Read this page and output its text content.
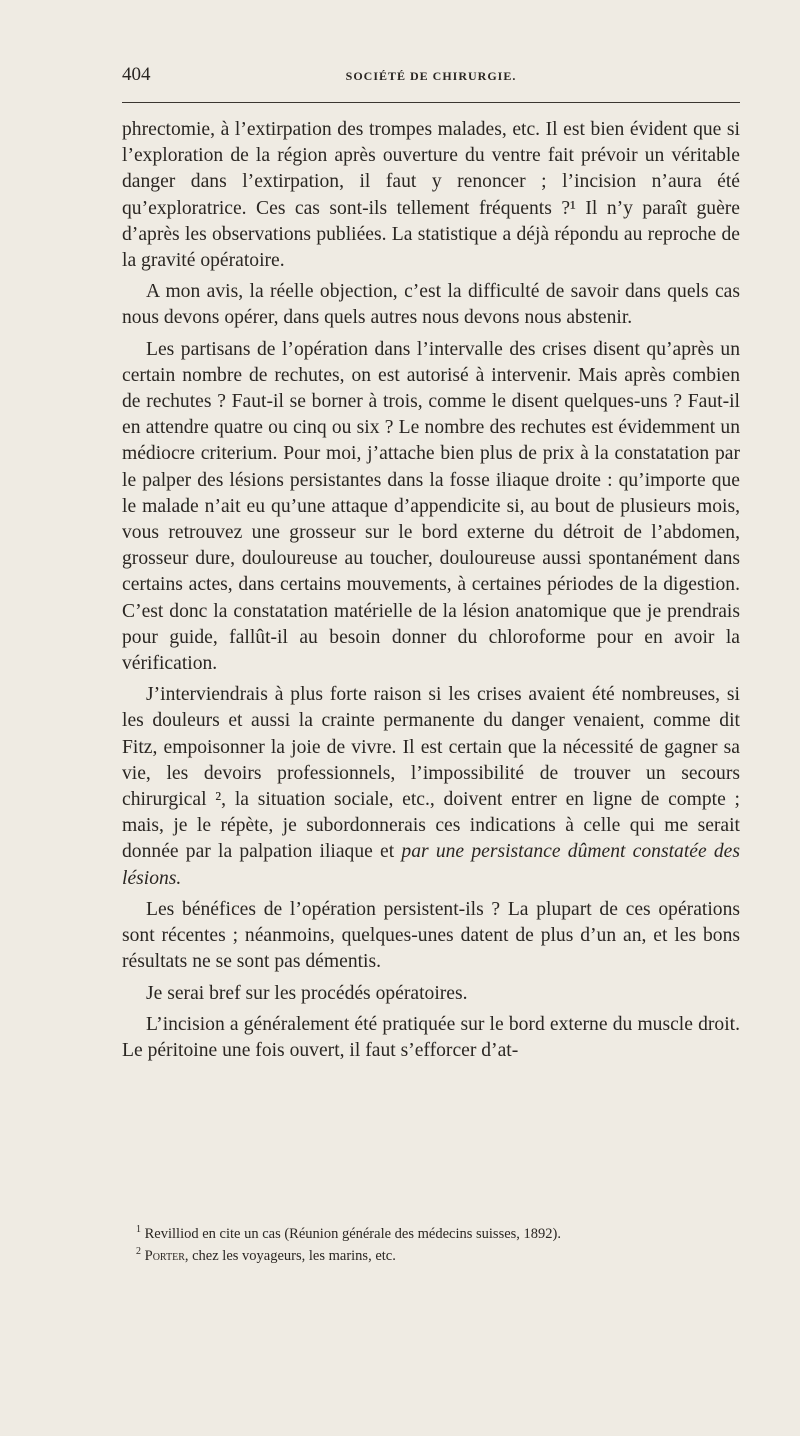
404	SOCIÉTÉ DE CHIRURGIE.

phrectomie, à l’extirpation des trompes malades, etc. Il est bien évident que si l’exploration de la région après ouverture du ventre fait prévoir un véritable danger dans l’extirpation, il faut y renoncer ; l’incision n’aura été qu’exploratrice. Ces cas sont-ils tellement fréquents ?¹ Il n’y paraît guère d’après les observations publiées. La statistique a déjà répondu au reproche de la gravité opératoire.

A mon avis, la réelle objection, c’est la difficulté de savoir dans quels cas nous devons opérer, dans quels autres nous devons nous abstenir.

Les partisans de l’opération dans l’intervalle des crises disent qu’après un certain nombre de rechutes, on est autorisé à intervenir. Mais après combien de rechutes ? Faut-il se borner à trois, comme le disent quelques-uns ? Faut-il en attendre quatre ou cinq ou six ? Le nombre des rechutes est évidemment un médiocre criterium. Pour moi, j’attache bien plus de prix à la constatation par le palper des lésions persistantes dans la fosse iliaque droite : qu’importe que le malade n’ait eu qu’une attaque d’appendicite si, au bout de plusieurs mois, vous retrouvez une grosseur sur le bord externe du détroit de l’abdomen, grosseur dure, douloureuse au toucher, douloureuse aussi spontanément dans certains actes, dans certains mouvements, à certaines périodes de la digestion. C’est donc la constatation matérielle de la lésion anatomique que je prendrais pour guide, fallût-il au besoin donner du chloroforme pour en avoir la vérification.

J’interviendrais à plus forte raison si les crises avaient été nombreuses, si les douleurs et aussi la crainte permanente du danger venaient, comme dit Fitz, empoisonner la joie de vivre. Il est certain que la nécessité de gagner sa vie, les devoirs professionnels, l’impossibilité de trouver un secours chirurgical ², la situation sociale, etc., doivent entrer en ligne de compte ; mais, je le répète, je subordonnerais ces indications à celle qui me serait donnée par la palpation iliaque et par une persistance dûment constatée des lésions.

Les bénéfices de l’opération persistent-ils ? La plupart de ces opérations sont récentes ; néanmoins, quelques-unes datent de plus d’un an, et les bons résultats ne se sont pas démentis.

Je serai bref sur les procédés opératoires.

L’incision a généralement été pratiquée sur le bord externe du muscle droit. Le péritoine une fois ouvert, il faut s’efforcer d’at-

$^1$ Revilliod en cite un cas (Réunion générale des médecins suisses, 1892).

$^2$ Porter, chez les voyageurs, les marins, etc.
